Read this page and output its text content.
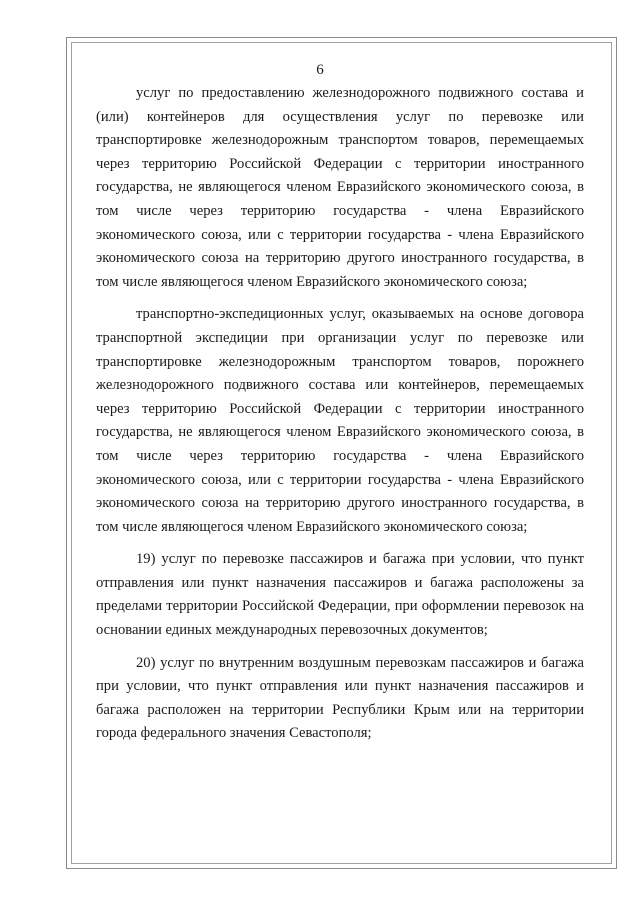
6

услуг по предоставлению железнодорожного подвижного состава и (или) контейнеров для осуществления услуг по перевозке или транспортировке железнодорожным транспортом товаров, перемещаемых через территорию Российской Федерации с территории иностранного государства, не являющегося членом Евразийского экономического союза, в том числе через территорию государства - члена Евразийского экономического союза, или с территории государства - члена Евразийского экономического союза на территорию другого иностранного государства, в том числе являющегося членом Евразийского экономического союза;

транспортно-экспедиционных услуг, оказываемых на основе договора транспортной экспедиции при организации услуг по перевозке или транспортировке железнодорожным транспортом товаров, порожнего железнодорожного подвижного состава или контейнеров, перемещаемых через территорию Российской Федерации с территории иностранного государства, не являющегося членом Евразийского экономического союза, в том числе через территорию государства - члена Евразийского экономического союза, или с территории государства - члена Евразийского экономического союза на территорию другого иностранного государства, в том числе являющегося членом Евразийского экономического союза;

19) услуг по перевозке пассажиров и багажа при условии, что пункт отправления или пункт назначения пассажиров и багажа расположены за пределами территории Российской Федерации, при оформлении перевозок на основании единых международных перевозочных документов;

20) услуг по внутренним воздушным перевозкам пассажиров и багажа при условии, что пункт отправления или пункт назначения пассажиров и багажа расположен на территории Республики Крым или на территории города федерального значения Севастополя;
